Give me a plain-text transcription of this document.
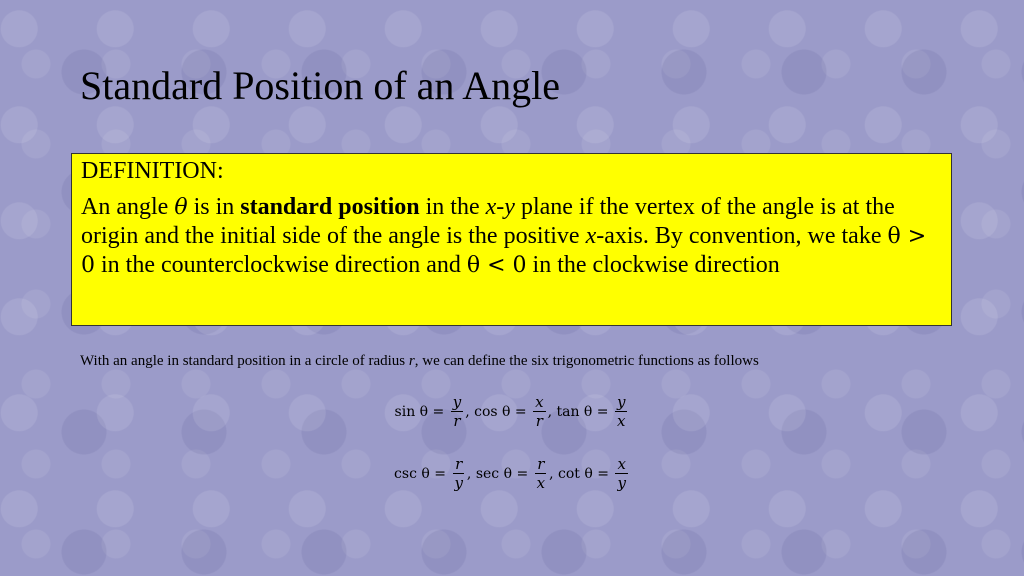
Standard Position of an Angle

DEFINITION:

An angle θ is in standard position in the x-y plane if the vertex of the angle is at the origin and the initial side of the angle is the positive x-axis. By convention, we take θ > 0 in the counterclockwise direction and θ < 0 in the clockwise direction

With an angle in standard position in a circle of radius r, we can define the six trigonometric functions as follows

$\sin \theta = \frac{y}{r}$ , $\cos \theta = \frac{x}{r}$ , $\tan \theta = \frac{y}{x}$
$\csc \theta = \frac{r}{y}$ , $\sec \theta = \frac{r}{x}$ , $\cot \theta = \frac{x}{y}$
